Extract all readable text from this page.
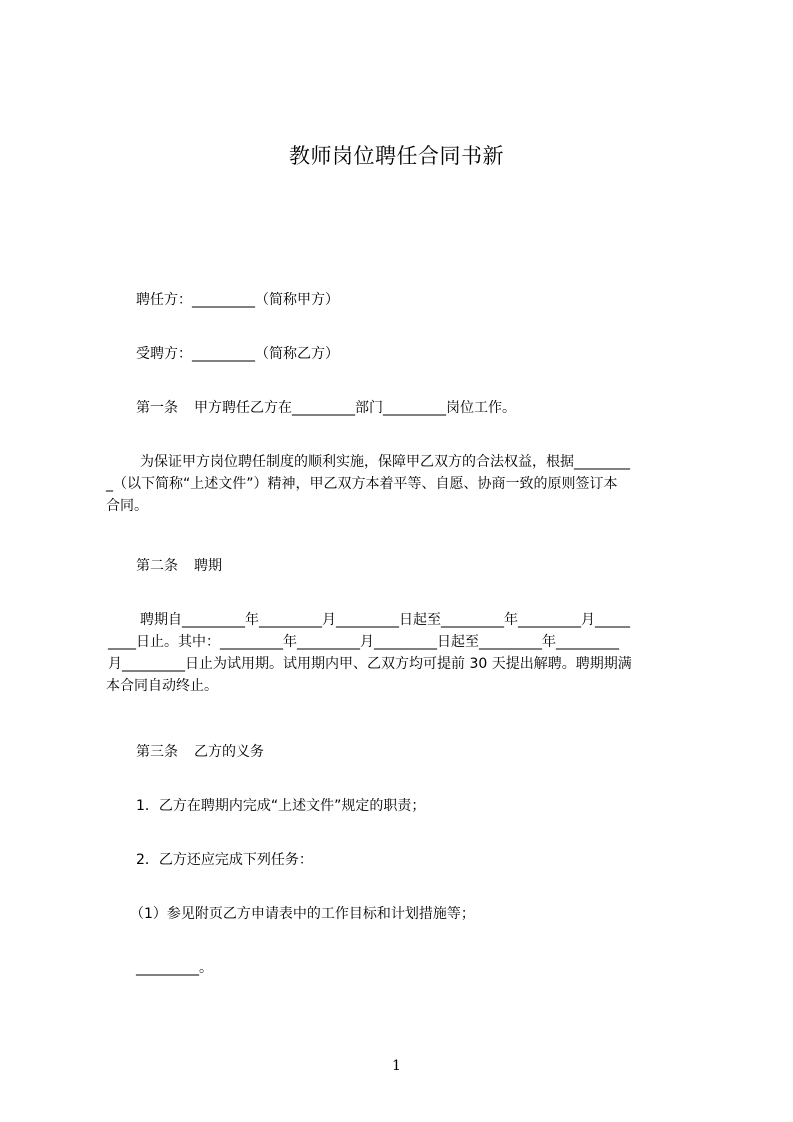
教师岗位聘任合同书新
聘任方：_________（简称甲方）
受聘方：_________（简称乙方）
第一条 甲方聘任乙方在_________部门_________岗位工作。
为保证甲方岗位聘任制度的顺利实施，保障甲乙双方的合法权益，根据________
_（以下简称“上述文件”）精神，甲乙双方本着平等、自愿、协商一致的原则签订本
合同。
第二条 聘期
聘期自_________年_________月_________日起至_________年_________月_____
____日止。其中：_________年_________月_________日起至_________年_________
月_________日止为试用期。试用期内甲、乙双方均可提前 30 天提出解聘。聘期期满
本合同自动终止。
第三条 乙方的义务
1．乙方在聘期内完成“上述文件”规定的职责；
2．乙方还应完成下列任务：
（1）参见附页乙方申请表中的工作目标和计划措施等；
_________。
1
